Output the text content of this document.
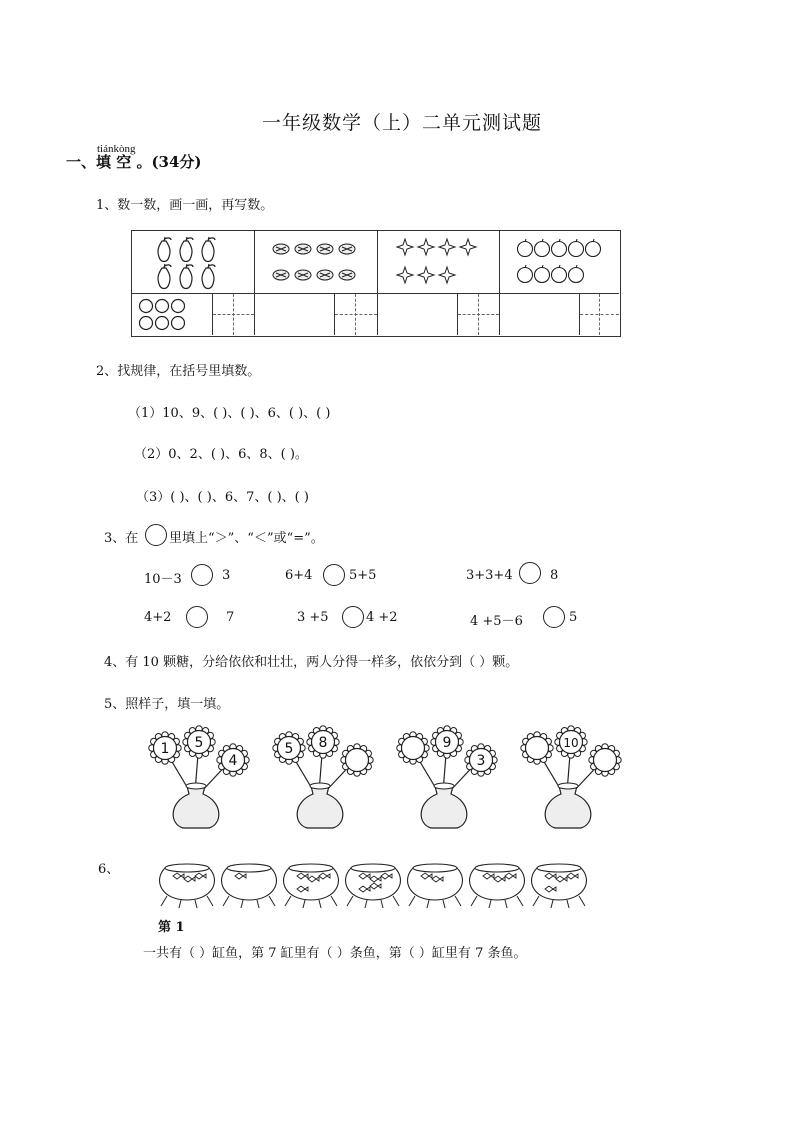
一年级数学（上）二单元测试题
tiánkòng
一、填 空 。(34分)
1、数一数，画一画，再写数。
2、找规律，在括号里填数。
（1）10、9、( )、( )、6、( )、( )
（2）0、2、( )、6、8、( )。
（3）( )、( )、6、7、( )、( )
3、在 里填上“＞”、“＜”或“=”。
10－3	3	6+4	5+5	3+3+4	8
4+2	7	3 +5	4 +2	4 +5－6	5
4、有 10 颗糖，分给依依和壮壮，两人分得一样多，依依分到（ ）颗。
5、照样子，填一填。
1 5
4
5 8	9
3
10
6、
第 1
一共有（ ）缸鱼，第 7 缸里有（ ）条鱼，第（ ）缸里有 7 条鱼。
